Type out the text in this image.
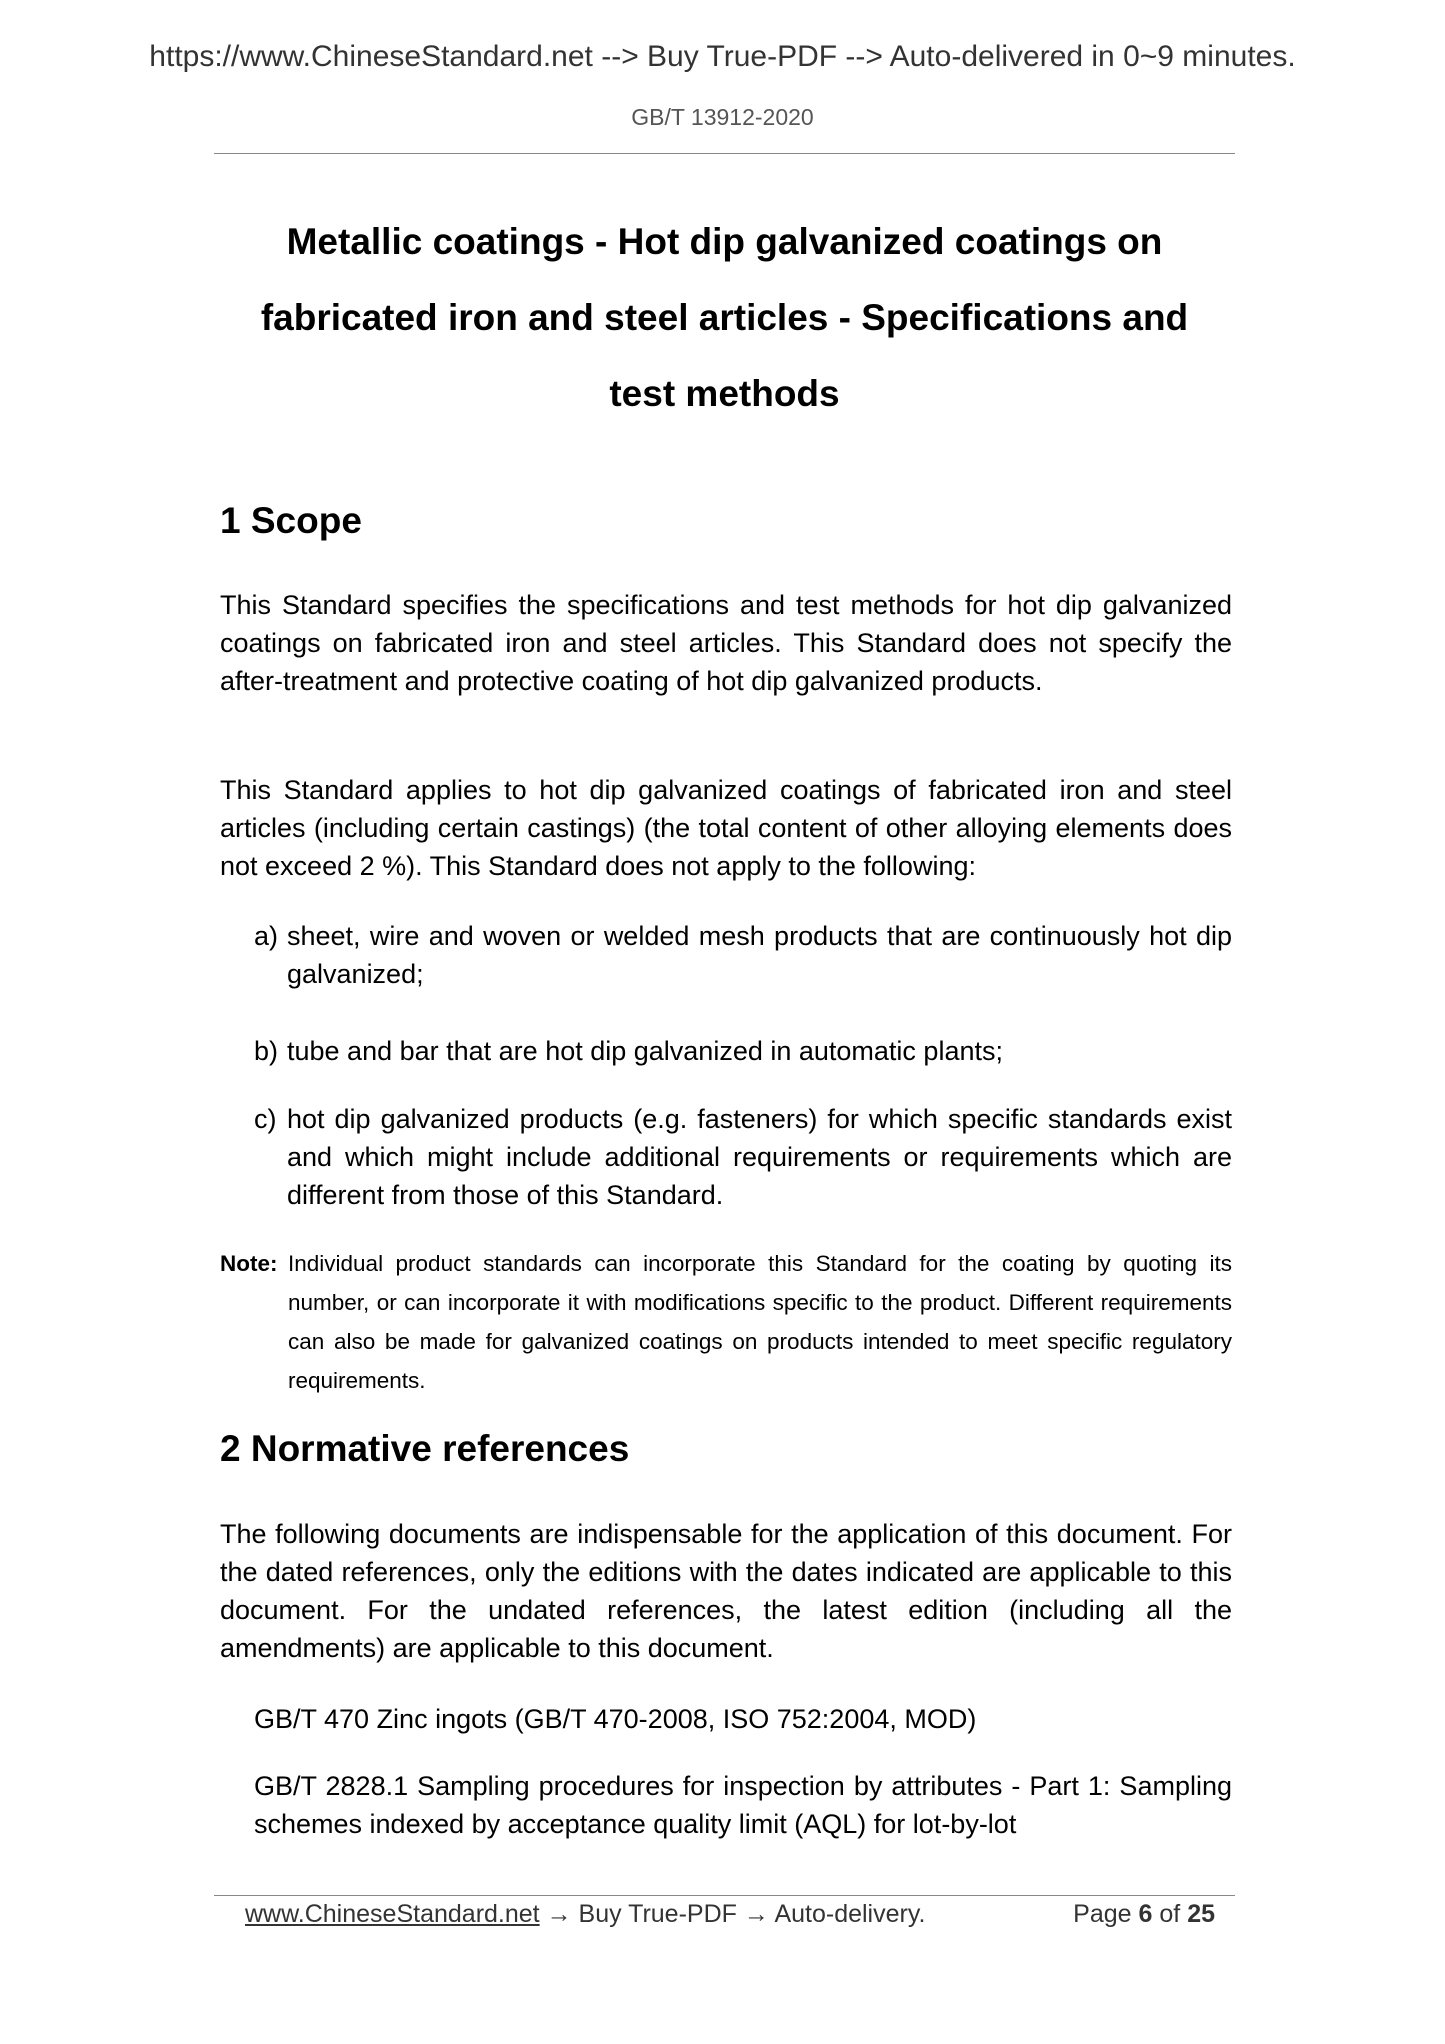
https://www.ChineseStandard.net --> Buy True-PDF --> Auto-delivered in 0~9 minutes.
GB/T 13912-2020
Metallic coatings - Hot dip galvanized coatings on
fabricated iron and steel articles - Specifications and
test methods
1 Scope

This Standard specifies the specifications and test methods for hot dip galvanized coatings on fabricated iron and steel articles. This Standard does not specify the after-treatment and protective coating of hot dip galvanized products.

This Standard applies to hot dip galvanized coatings of fabricated iron and steel articles (including certain castings) (the total content of other alloying elements does not exceed 2 %). This Standard does not apply to the following:

a) sheet, wire and woven or welded mesh products that are continuously hot dip galvanized;

b) tube and bar that are hot dip galvanized in automatic plants;

c) hot dip galvanized products (e.g. fasteners) for which specific standards exist and which might include additional requirements or requirements which are different from those of this Standard.

Note: Individual product standards can incorporate this Standard for the coating by quoting its number, or can incorporate it with modifications specific to the product. Different requirements can also be made for galvanized coatings on products intended to meet specific regulatory requirements.

2 Normative references

The following documents are indispensable for the application of this document. For the dated references, only the editions with the dates indicated are applicable to this document. For the undated references, the latest edition (including all the amendments) are applicable to this document.

GB/T 470 Zinc ingots (GB/T 470-2008, ISO 752:2004, MOD)

GB/T 2828.1 Sampling procedures for inspection by attributes - Part 1: Sampling schemes indexed by acceptance quality limit (AQL) for lot-by-lot

www.ChineseStandard.net → Buy True-PDF → Auto-delivery.	Page 6 of 25
